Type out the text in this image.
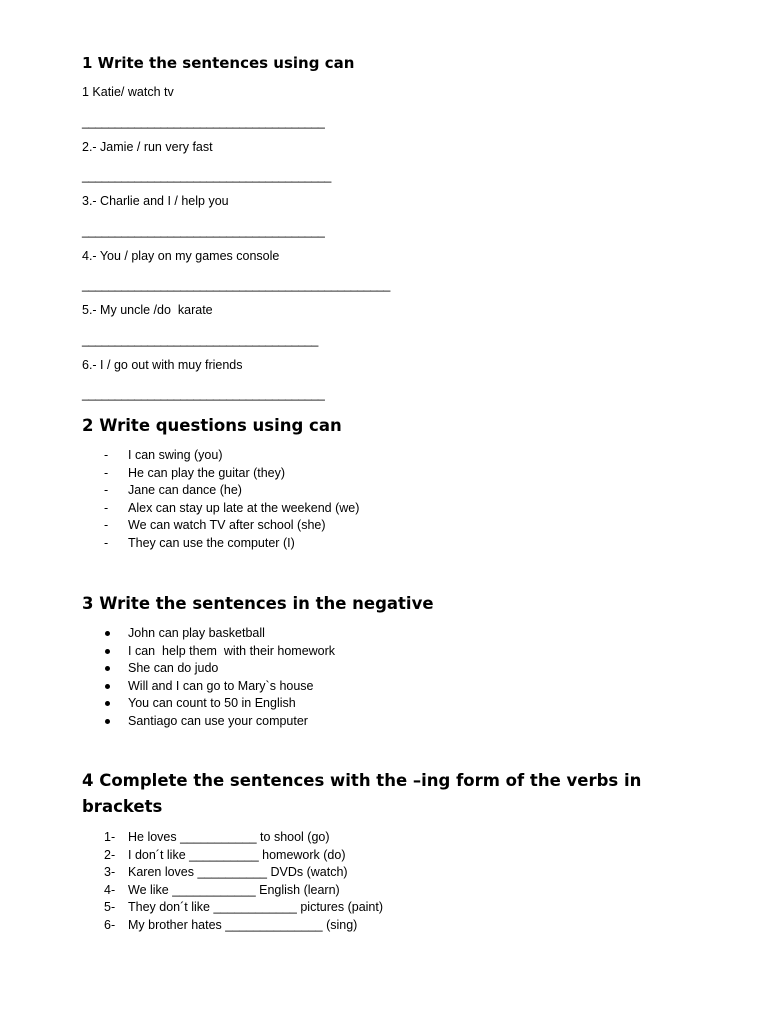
1 Write the sentences using can
1 Katie/ watch tv
_____________________________________
2.- Jamie / run very fast
______________________________________
3.- Charlie and I / help you
_____________________________________
4.- You / play on my games console
_______________________________________________
5.- My uncle /do  karate
____________________________________
6.- I / go out with muy friends
_____________________________________
2 Write questions using can
-	I can swing (you)
-	He can play the guitar (they)
-	Jane can dance (he)
-	Alex can stay up late at the weekend (we)
-	We can watch TV after school (she)
-	They can use the computer (I)
3 Write the sentences in the negative
John can play basketball
I can  help them  with their homework
She can do judo
Will and I can go to Mary`s house
You can count to 50 in English
Santiago can use your computer
4 Complete the sentences with the –ing form of the verbs in brackets
1- He loves ___________ to shool (go)
2- I don´t like __________ homework (do)
3- Karen loves __________ DVDs (watch)
4- We like ____________ English (learn)
5- They don´t like ____________ pictures (paint)
6- My brother hates ______________ (sing)
